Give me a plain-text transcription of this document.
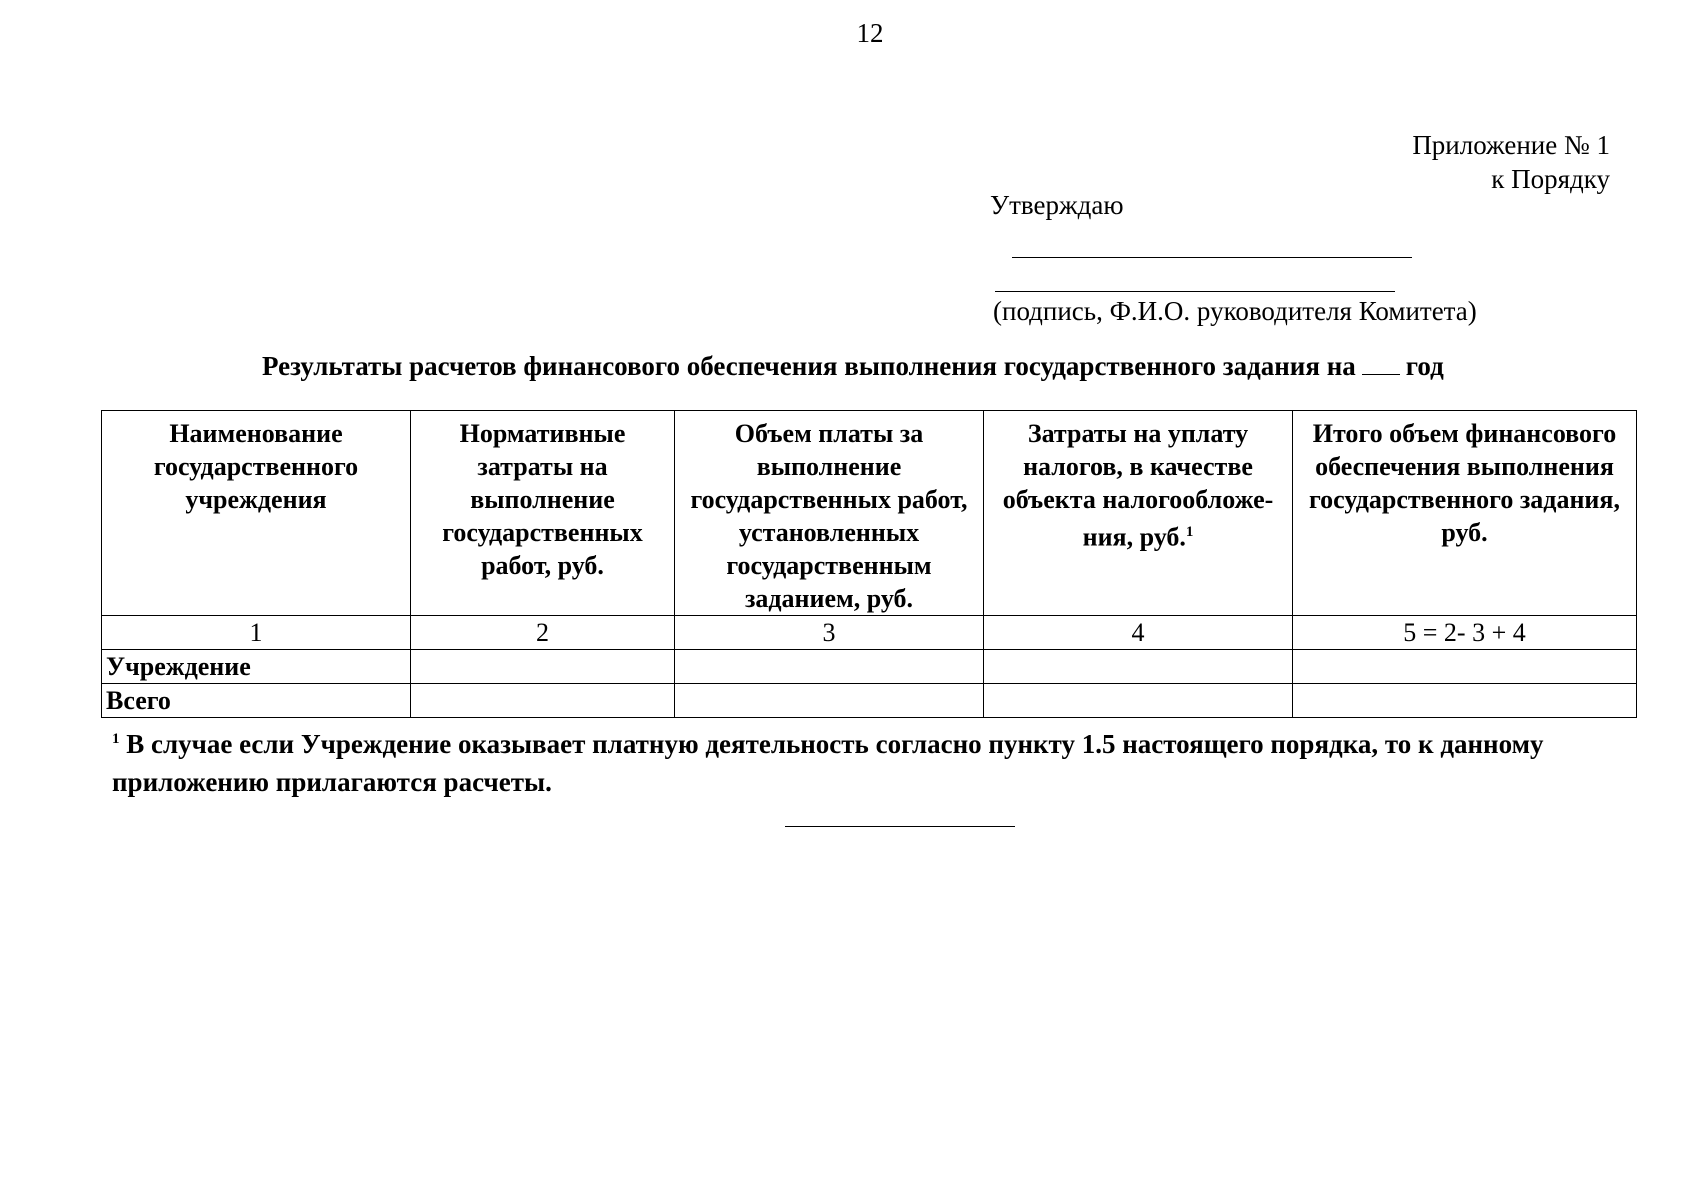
12
Приложение № 1
к Порядку
Утверждаю
(подпись, Ф.И.О. руководителя Комитета)
Результаты расчетов финансового обеспечения выполнения государственного задания на год
Наименование государственного учреждения	Нормативные затраты на выполнение государственных работ, руб.	Объем платы за выполнение государственных работ, установленных государственным заданием, руб.	Затраты на уплату налогов, в качестве объекта налогообложе-ния, руб.$^1$	Итого объем финансового обеспечения выполнения государственного задания, руб.
1	2	3	4	5 = 2- 3 + 4
Учреждение				
Всего				
$^1$ В случае если Учреждение оказывает платную деятельность согласно пункту 1.5 настоящего порядка, то к данному приложению прилагаются расчеты.
